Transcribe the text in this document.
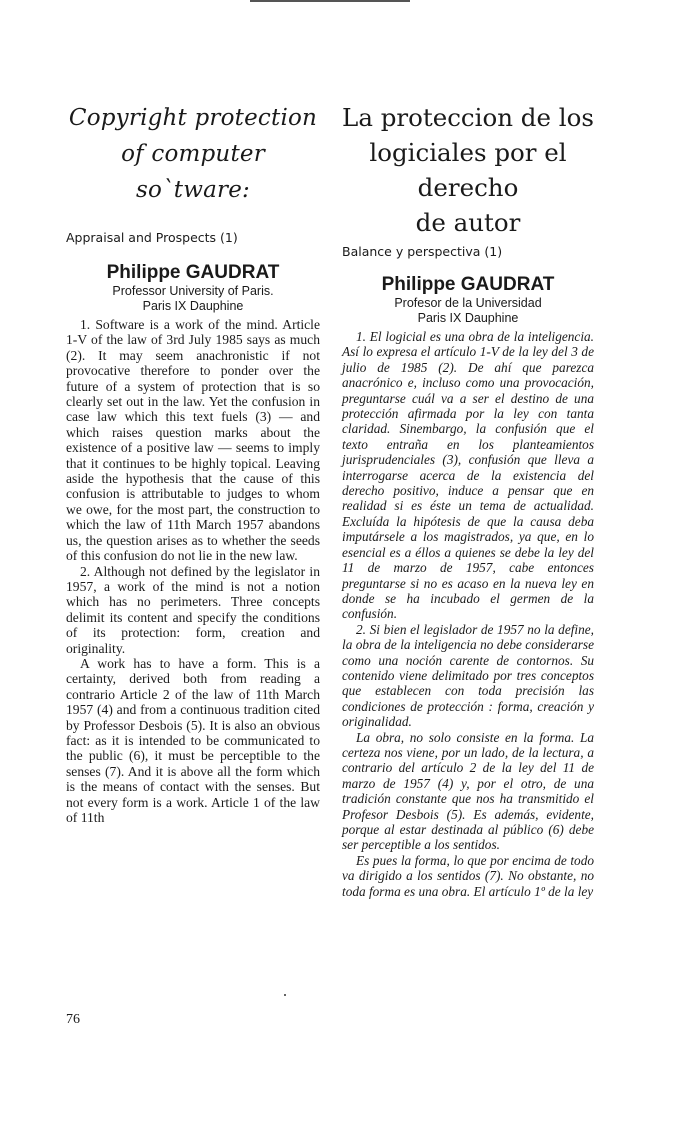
Copyright protection
of computer so`tware:

Appraisal and Prospects (1)

Philippe GAUDRAT

Professor University of Paris.

Paris IX Dauphine

1. Software is a work of the mind. Article 1-V of the law of 3rd July 1985 says as much (2). It may seem anachronistic if not provocative therefore to ponder over the future of a system of protection that is so clearly set out in the law. Yet the confusion in case law which this text fuels (3) — and which raises question marks about the existence of a positive law — seems to imply that it continues to be highly topical. Leaving aside the hypothesis that the cause of this confusion is attributable to judges to whom we owe, for the most part, the construction to which the law of 11th March 1957 abandons us, the question arises as to whether the seeds of this confusion do not lie in the new law.

2. Although not defined by the legislator in 1957, a work of the mind is not a notion which has no perimeters. Three concepts delimit its content and specify the conditions of its protection: form, creation and originality.

A work has to have a form. This is a certainty, derived both from reading a contrario Article 2 of the law of 11th March 1957 (4) and from a continuous tradition cited by Professor Desbois (5). It is also an obvious fact: as it is intended to be communicated to the public (6), it must be perceptible to the senses (7). And it is above all the form which is the means of contact with the senses. But not every form is a work. Article 1 of the law of 11th

La proteccion de los
logiciales por el derecho
de autor

Balance y perspectiva (1)

Philippe GAUDRAT

Profesor de la Universidad

Paris IX Dauphine

1. El logicial es una obra de la inteligencia. Así lo expresa el artículo 1-V de la ley del 3 de julio de 1985 (2). De ahí que parezca anacrónico e, incluso como una provocación, preguntarse cuál va a ser el destino de una protección afirmada por la ley con tanta claridad. Sinembargo, la confusión que el texto entraña en los planteamientos jurisprudenciales (3), confusión que lleva a interrogarse acerca de la existencia del derecho positivo, induce a pensar que en realidad si es éste un tema de actualidad. Excluída la hipótesis de que la causa deba imputársele a los magistrados, ya que, en lo esencial es a éllos a quienes se debe la ley del 11 de marzo de 1957, cabe entonces preguntarse si no es acaso en la nueva ley en donde se ha incubado el germen de la confusión.

2. Si bien el legislador de 1957 no la define, la obra de la inteligencia no debe considerarse como una noción carente de contornos. Su contenido viene delimitado por tres conceptos que establecen con toda precisión las condiciones de protección : forma, creación y originalidad.

La obra, no solo consiste en la forma. La certeza nos viene, por un lado, de la lectura, a contrario del artículo 2 de la ley del 11 de marzo de 1957 (4) y, por el otro, de una tradición constante que nos ha transmitido el Profesor Desbois (5). Es además, evidente, porque al estar destinada al público (6) debe ser perceptible a los sentidos.

Es pues la forma, lo que por encima de todo va dirigido a los sentidos (7). No obstante, no toda forma es una obra. El artículo 1º de la ley

76
